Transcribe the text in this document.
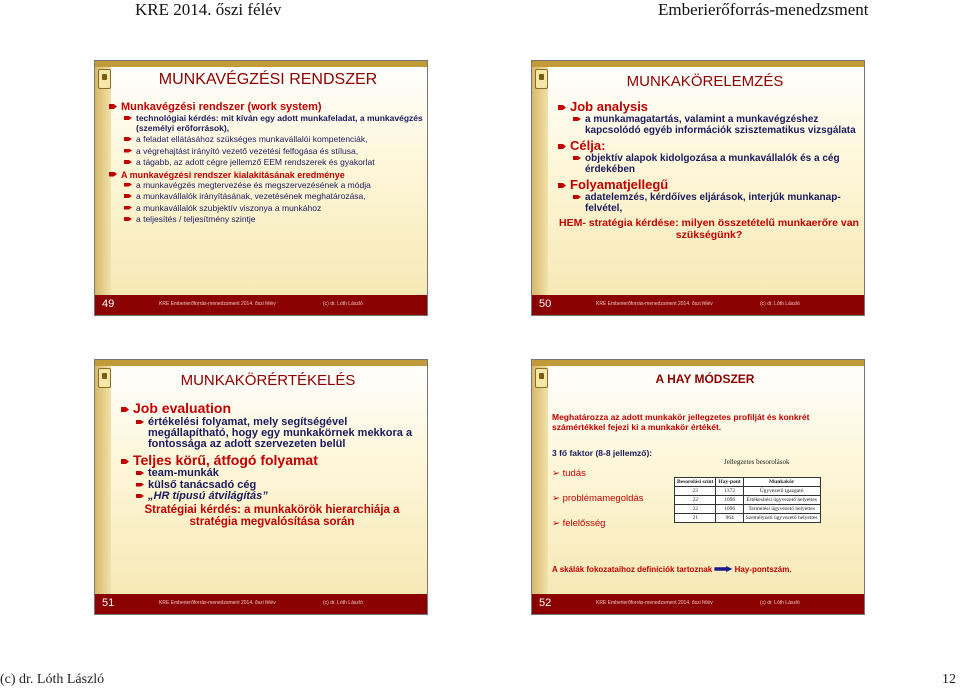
KRE 2014. őszi félév	Emberierőforrás-menedzsment
MUNKAVÉGZÉSI RENDSZER
Munkavégzési rendszer (work system)
technológiai kérdés: mit kíván egy adott munkafeladat, a munkavégzés (személyi erőforrások),
a feladat ellátásához szükséges munkavállalói kompetenciák,
a végrehajtást irányító vezető vezetési felfogása és stílusa,
a tágabb, az adott cégre jellemző EEM rendszerek és gyakorlat
A munkavégzési rendszer kialakításának eredménye
a munkavégzés megtervezése és megszervezésének a módja
a munkavállalók irányításának, vezetésének meghatározása,
a munkavállalók szubjektív viszonya a munkához
a teljesítés / teljesítmény szintje
49	KRE Emberierőforrás-menedzsment 2014. őszi félév	(c) dr. Lóth László
MUNKAKÖRELEMZÉS
Job analysis
a munkamagatartás, valamint a munkavégzéshez kapcsolódó egyéb információk szisztematikus vizsgálata
Célja:
objektív alapok kidolgozása a munkavállalók és a cég érdekében
Folyamatjellegű
adatelemzés, kérdőíves eljárások, interjúk munkanap-felvétel,
HEM- stratégia kérdése: milyen összetételű munkaerőre van szükségünk?
50	KRE Emberierőforrás-menedzsment 2014. őszi félév	(c) dr. Lóth László
MUNKAKÖRÉRTÉKELÉS
Job evaluation
értékelési folyamat, mely segítségével megállapítható, hogy egy munkakörnek mekkora a fontossága az adott szervezeten belül
Teljes körű, átfogó folyamat
team-munkák
külső tanácsadó cég
„HR típusú átvilágítás”
Stratégiai kérdés: a munkakörök hierarchiája a stratégia megvalósítása során
51	KRE Emberierőforrás-menedzsment 2014. őszi félév	(c) dr. Lóth László
A HAY MÓDSZER
Meghatározza az adott munkakör jellegzetes profilját és konkrét számértékkel fejezi ki a munkakör értékét.
3 fő faktor (8-8 jellemző):
➢ tudás
➢ problémamegoldás
➢ felelősség
Jellegzetes besorolások
Besorolási szint	Hay-pont	Munkakör
23	1372	Ügyvezető igazgató
22	1096	Értékesítési ügyvezető helyettes
22	1096	Termelési ügyvezető helyettes
21	964	Személyzeti ügyvezető helyettes
A skálák fokozataihoz definíciók tartoznak	Hay-pontszám.
52	KRE Emberierőforrás-menedzsment 2014. őszi félév	(c) dr. Lóth László
(c) dr. Lóth László	12
